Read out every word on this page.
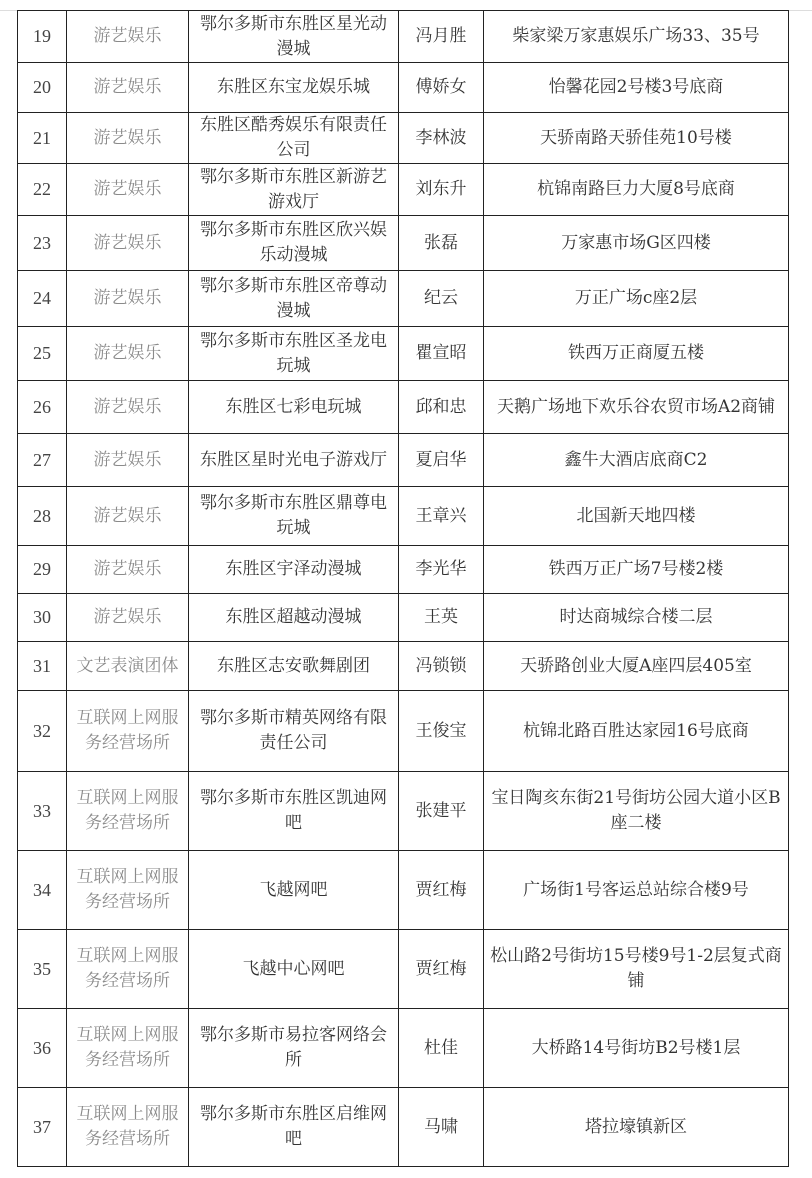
19	游艺娱乐	鄂尔多斯市东胜区星光动漫城	冯月胜	柴家梁万家惠娱乐广场33、35号
20	游艺娱乐	东胜区东宝龙娱乐城	傅娇女	怡馨花园2号楼3号底商
21	游艺娱乐	东胜区酷秀娱乐有限责任公司	李林波	天骄南路天骄佳苑10号楼
22	游艺娱乐	鄂尔多斯市东胜区新游艺游戏厅	刘东升	杭锦南路巨力大厦8号底商
23	游艺娱乐	鄂尔多斯市东胜区欣兴娱乐动漫城	张磊	万家惠市场G区四楼
24	游艺娱乐	鄂尔多斯市东胜区帝尊动漫城	纪云	万正广场c座2层
25	游艺娱乐	鄂尔多斯市东胜区圣龙电玩城	瞿宣昭	铁西万正商厦五楼
26	游艺娱乐	东胜区七彩电玩城	邱和忠	天鹅广场地下欢乐谷农贸市场A2商铺
27	游艺娱乐	东胜区星时光电子游戏厅	夏启华	鑫牛大酒店底商C2
28	游艺娱乐	鄂尔多斯市东胜区鼎尊电玩城	王章兴	北国新天地四楼
29	游艺娱乐	东胜区宇泽动漫城	李光华	铁西万正广场7号楼2楼
30	游艺娱乐	东胜区超越动漫城	王英	时达商城综合楼二层
31	文艺表演团体	东胜区志安歌舞剧团	冯锁锁	天骄路创业大厦A座四层405室
32	互联网上网服务经营场所	鄂尔多斯市精英网络有限责任公司	王俊宝	杭锦北路百胜达家园16号底商
33	互联网上网服务经营场所	鄂尔多斯市东胜区凯迪网吧	张建平	宝日陶亥东街21号街坊公园大道小区B座二楼
34	互联网上网服务经营场所	飞越网吧	贾红梅	广场街1号客运总站综合楼9号
35	互联网上网服务经营场所	飞越中心网吧	贾红梅	松山路2号街坊15号楼9号1-2层复式商铺
36	互联网上网服务经营场所	鄂尔多斯市易拉客网络会所	杜佳	大桥路14号街坊B2号楼1层
37	互联网上网服务经营场所	鄂尔多斯市东胜区启维网吧	马啸	塔拉壕镇新区
